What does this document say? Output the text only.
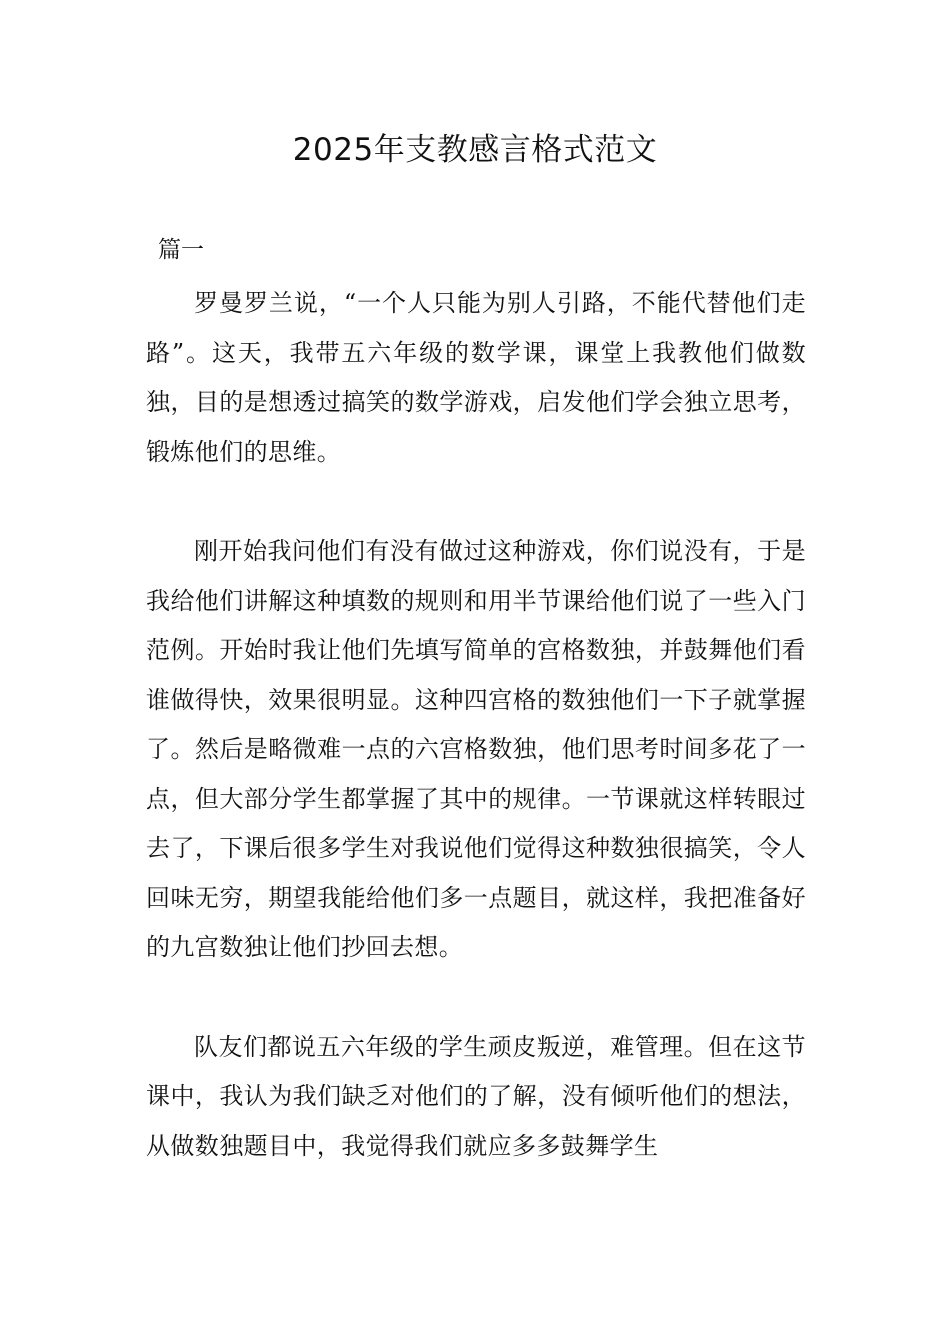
2025年支教感言格式范文

篇一

罗曼罗兰说，“一个人只能为别人引路，不能代替他们走路”。这天，我带五六年级的数学课，课堂上我教他们做数独，目的是想透过搞笑的数学游戏，启发他们学会独立思考，锻炼他们的思维。

刚开始我问他们有没有做过这种游戏，你们说没有，于是我给他们讲解这种填数的规则和用半节课给他们说了一些入门范例。开始时我让他们先填写简单的宫格数独，并鼓舞他们看谁做得快，效果很明显。这种四宫格的数独他们一下子就掌握了。然后是略微难一点的六宫格数独，他们思考时间多花了一点，但大部分学生都掌握了其中的规律。一节课就这样转眼过去了，下课后很多学生对我说他们觉得这种数独很搞笑，令人回味无穷，期望我能给他们多一点题目，就这样，我把准备好的九宫数独让他们抄回去想。

队友们都说五六年级的学生顽皮叛逆，难管理。但在这节课中，我认为我们缺乏对他们的了解，没有倾听他们的想法，从做数独题目中，我觉得我们就应多多鼓舞学生
